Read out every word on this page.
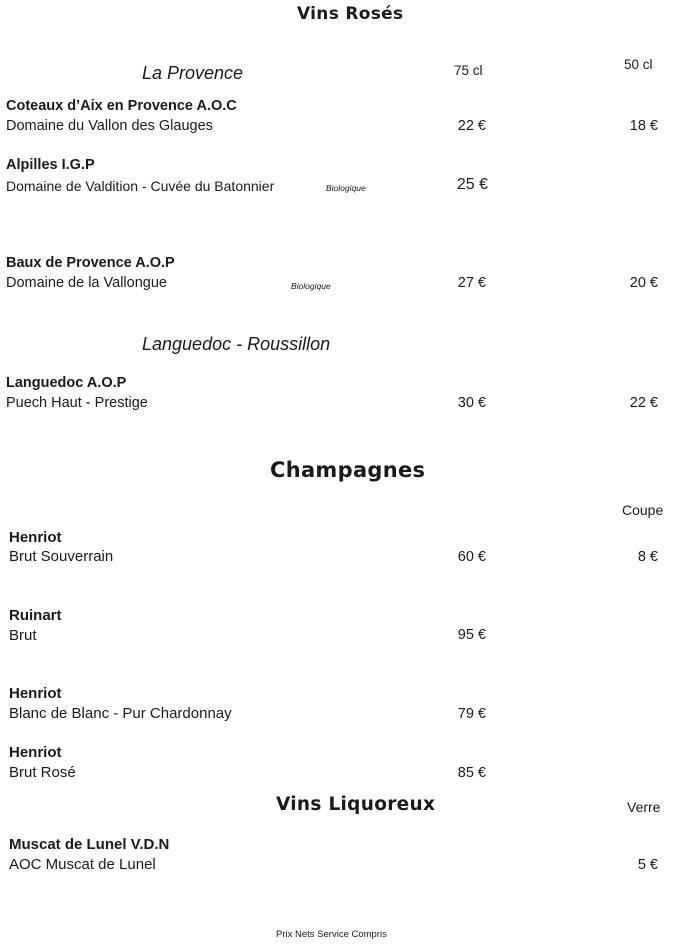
Vins Rosés
La Provence	75 cl	50 cl
Coteaux d’Aix en Provence A.O.C
Domaine du Vallon des Glauges	22 €	18 €
Alpilles I.G.P
Domaine de Valdition - Cuvée du Batonnier	Biologique	25 €
Baux de Provence A.O.P
Domaine de la Vallongue	Biologique	27 €	20 €
Languedoc - Roussillon
Languedoc A.O.P
Puech Haut - Prestige	30 €	22 €
Champagnes
Coupe
Henriot
Brut Souverrain	60 €	8 €
Ruinart
Brut	95 €
Henriot
Blanc de Blanc - Pur Chardonnay	79 €
Henriot
Brut Rosé	85 €
Vins Liquoreux	Verre
Muscat de Lunel V.D.N
AOC Muscat de Lunel	5 €
Prix Nets Service Compris
